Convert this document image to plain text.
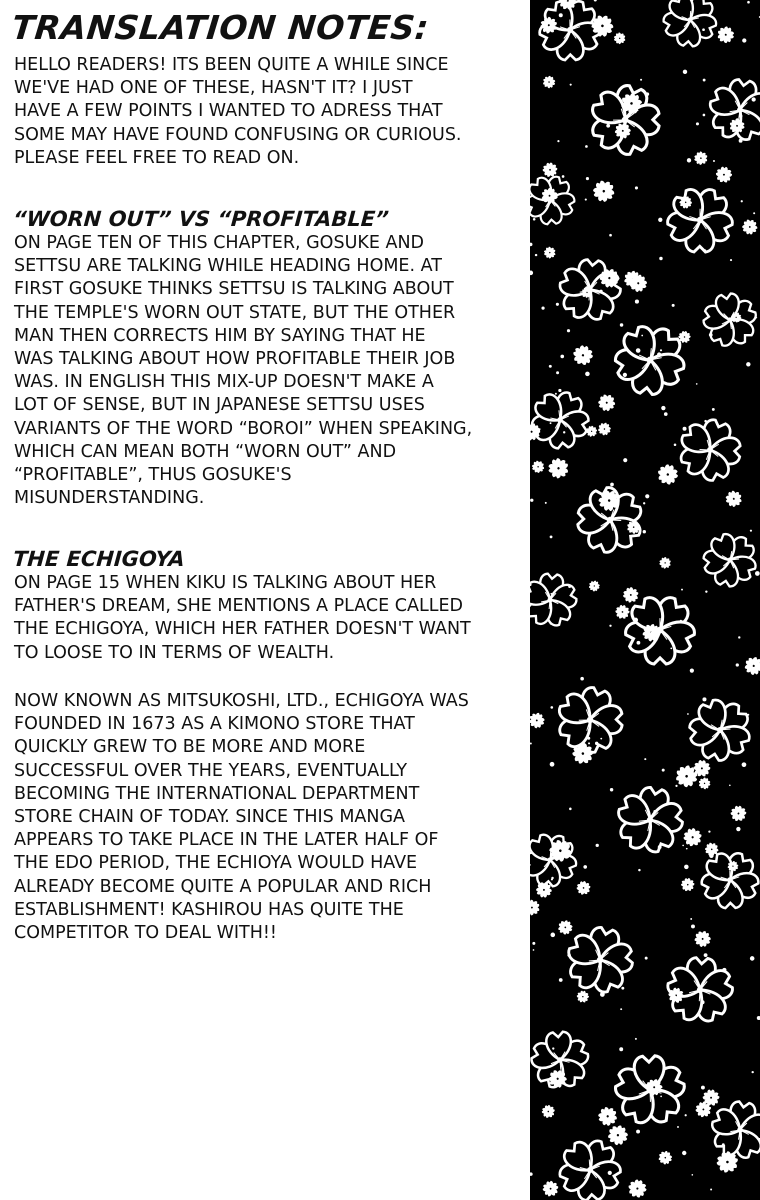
TRANSLATION NOTES:

HELLO READERS! ITS BEEN QUITE A WHILE SINCE
WE'VE HAD ONE OF THESE, HASN'T IT? I JUST
HAVE A FEW POINTS I WANTED TO ADRESS THAT
SOME MAY HAVE FOUND CONFUSING OR CURIOUS.
PLEASE FEEL FREE TO READ ON.

“WORN OUT” VS “PROFITABLE”

ON PAGE TEN OF THIS CHAPTER, GOSUKE AND
SETTSU ARE TALKING WHILE HEADING HOME. AT
FIRST GOSUKE THINKS SETTSU IS TALKING ABOUT
THE TEMPLE'S WORN OUT STATE, BUT THE OTHER
MAN THEN CORRECTS HIM BY SAYING THAT HE
WAS TALKING ABOUT HOW PROFITABLE THEIR JOB
WAS. IN ENGLISH THIS MIX-UP DOESN'T MAKE A
LOT OF SENSE, BUT IN JAPANESE SETTSU USES
VARIANTS OF THE WORD “BOROI” WHEN SPEAKING,
WHICH CAN MEAN BOTH “WORN OUT” AND
“PROFITABLE”, THUS GOSUKE'S
MISUNDERSTANDING.

THE ECHIGOYA

ON PAGE 15 WHEN KIKU IS TALKING ABOUT HER
FATHER'S DREAM, SHE MENTIONS A PLACE CALLED
THE ECHIGOYA, WHICH HER FATHER DOESN'T WANT
TO LOOSE TO IN TERMS OF WEALTH.

NOW KNOWN AS MITSUKOSHI, LTD., ECHIGOYA WAS
FOUNDED IN 1673 AS A KIMONO STORE THAT
QUICKLY GREW TO BE MORE AND MORE
SUCCESSFUL OVER THE YEARS, EVENTUALLY
BECOMING THE INTERNATIONAL DEPARTMENT
STORE CHAIN OF TODAY. SINCE THIS MANGA
APPEARS TO TAKE PLACE IN THE LATER HALF OF
THE EDO PERIOD, THE ECHIOYA WOULD HAVE
ALREADY BECOME QUITE A POPULAR AND RICH
ESTABLISHMENT! KASHIROU HAS QUITE THE
COMPETITOR TO DEAL WITH!!
